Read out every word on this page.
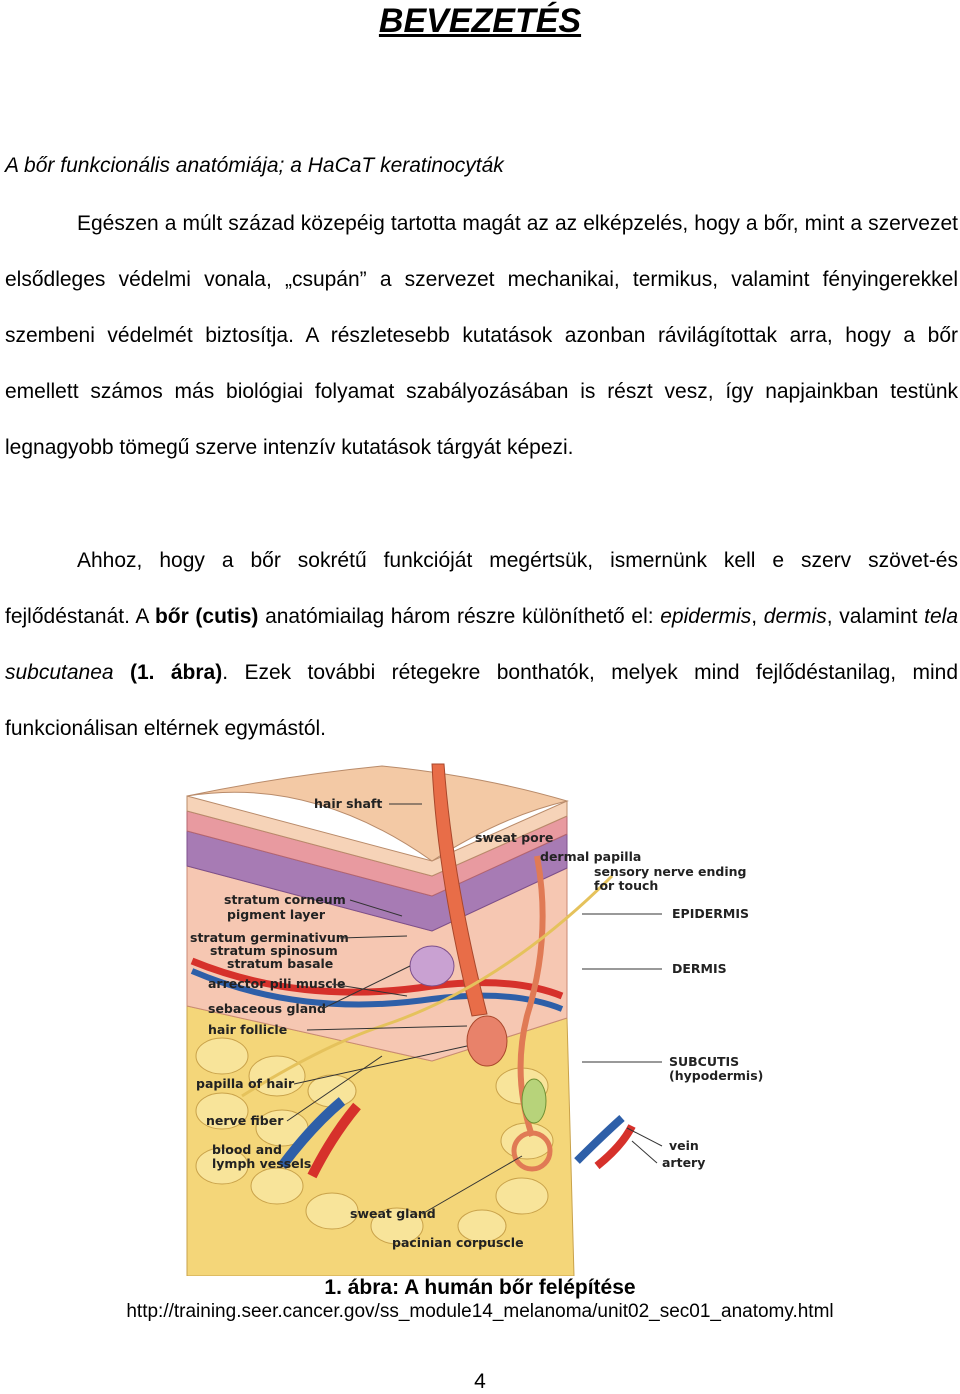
BEVEZETÉS

A bőr funkcionális anatómiája; a HaCaT keratinocyták

Egészen a múlt század közepéig tartotta magát az az elképzelés, hogy a bőr, mint a szervezet elsődleges védelmi vonala, „csupán” a szervezet mechanikai, termikus, valamint fényingerekkel szembeni védelmét biztosítja. A részletesebb kutatások azonban rávilágítottak arra, hogy a bőr emellett számos más biológiai folyamat szabályozásában is részt vesz, így napjainkban testünk legnagyobb tömegű szerve intenzív kutatások tárgyát képezi.

Ahhoz, hogy a bőr sokrétű funkcióját megértsük, ismernünk kell e szerv szövet-és fejlődéstanát. A bőr (cutis) anatómiailag három részre különíthető el: epidermis, dermis, valamint tela subcutanea (1. ábra). Ezek további rétegekre bonthatók, melyek mind fejlődéstanilag, mind funkcionálisan eltérnek egymástól.

hair shaft
stratum corneum
pigment layer
stratum germinativum
stratum spinosum
stratum basale
arrector pili muscle
sebaceous gland
hair follicle
papilla of hair
nerve fiber
blood and
lymph vessels
sweat gland
pacinian corpuscle
sweat pore
dermal papilla
sensory nerve ending
for touch
EPIDERMIS
DERMIS
SUBCUTIS
(hypodermis)
vein
artery

1. ábra: A humán bőr felépítése

http://training.seer.cancer.gov/ss_module14_melanoma/unit02_sec01_anatomy.html

4
